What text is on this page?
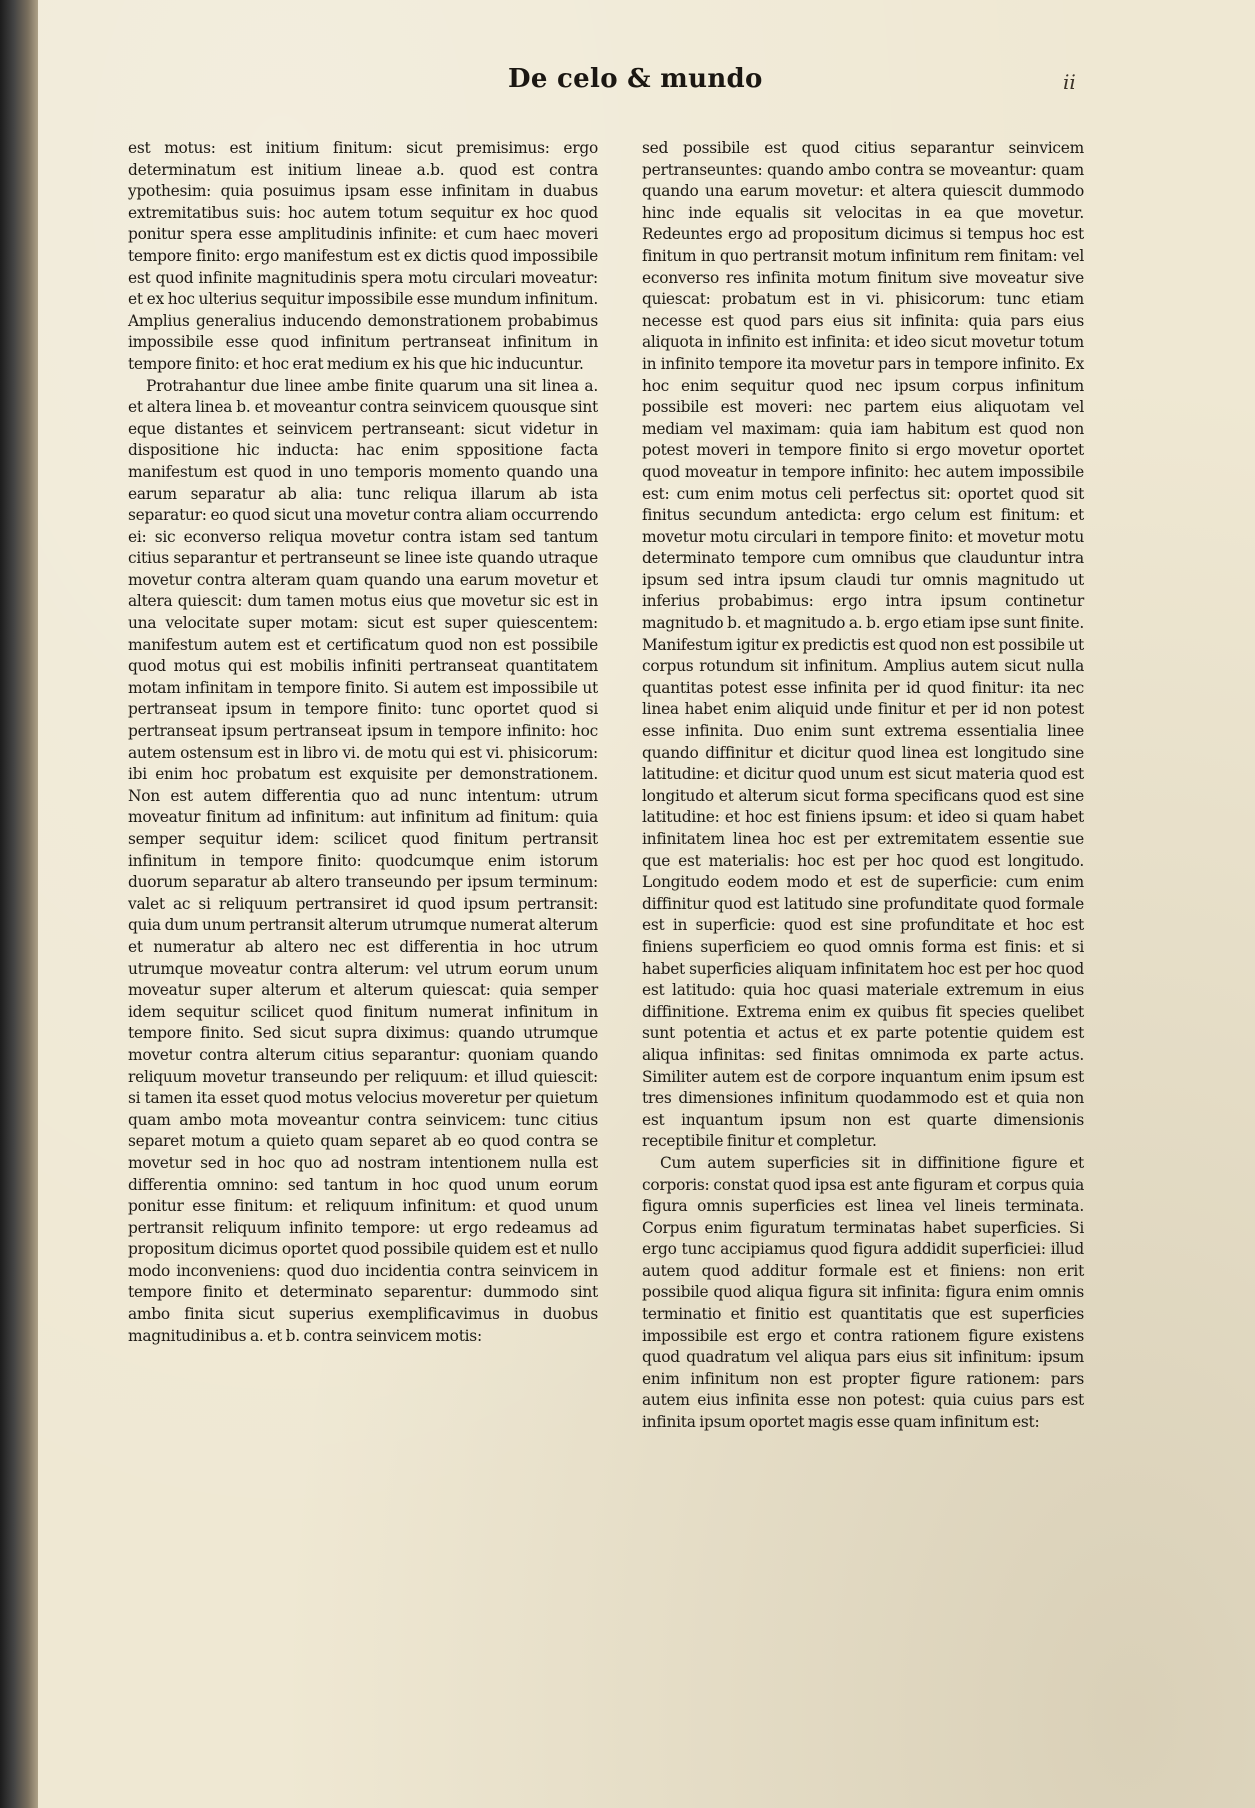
De celo & mundo	ii

est motus: est initium finitum: sicut premisimus: ergo determinatum est initium lineae a.b. quod est contra ypothesim: quia posuimus ipsam esse infinitam in duabus extremitatibus suis: hoc autem totum sequitur ex hoc quod ponitur spera esse amplitudinis infinite: et cum haec moveri tempore finito: ergo manifestum est ex dictis quod impossibile est quod infinite magnitudinis spera motu circulari moveatur: et ex hoc ulterius sequitur impossibile esse mundum infinitum. Amplius generalius inducendo demonstrationem probabimus impossibile esse quod infinitum pertranseat infinitum in tempore finito: et hoc erat medium ex his que hic inducuntur.

Protrahantur due linee ambe finite quarum una sit linea a. et altera linea b. et moveantur contra seinvicem quousque sint eque distantes et seinvicem pertranseant: sicut videtur in dispositione hic inducta: hac enim sppositione facta manifestum est quod in uno temporis momento quando una earum separatur ab alia: tunc reliqua illarum ab ista separatur: eo quod sicut una movetur contra aliam occurrendo ei: sic econverso reliqua movetur contra istam sed tantum citius separantur et pertranseunt se linee iste quando utraque movetur contra alteram quam quando una earum movetur et altera quiescit: dum tamen motus eius que movetur sic est in una velocitate super motam: sicut est super quiescentem: manifestum autem est et certificatum quod non est possibile quod motus qui est mobilis infiniti pertranseat quantitatem motam infinitam in tempore finito. Si autem est impossibile ut pertranseat ipsum in tempore finito: tunc oportet quod si pertranseat ipsum pertranseat ipsum in tempore infinito: hoc autem ostensum est in libro vi. de motu qui est vi. phisicorum: ibi enim hoc probatum est exquisite per demonstrationem. Non est autem differentia quo ad nunc intentum: utrum moveatur finitum ad infinitum: aut infinitum ad finitum: quia semper sequitur idem: scilicet quod finitum pertransit infinitum in tempore finito: quodcumque enim istorum duorum separatur ab altero transeundo per ipsum terminum: valet ac si reliquum pertransiret id quod ipsum pertransit: quia dum unum pertransit alterum utrumque numerat alterum et numeratur ab altero nec est differentia in hoc utrum utrumque moveatur contra alterum: vel utrum eorum unum moveatur super alterum et alterum quiescat: quia semper idem sequitur scilicet quod finitum numerat infinitum in tempore finito. Sed sicut supra diximus: quando utrumque movetur contra alterum citius separantur: quoniam quando reliquum movetur transeundo per reliquum: et illud quiescit: si tamen ita esset quod motus velocius moveretur per quietum quam ambo mota moveantur contra seinvicem: tunc citius separet motum a quieto quam separet ab eo quod contra se movetur sed in hoc quo ad nostram intentionem nulla est differentia omnino: sed tantum in hoc quod unum eorum ponitur esse finitum: et reliquum infinitum: et quod unum pertransit reliquum infinito tempore: ut ergo redeamus ad propositum dicimus oportet quod possibile quidem est et nullo modo inconveniens: quod duo incidentia contra seinvicem in tempore finito et determinato separentur: dummodo sint ambo finita sicut superius exemplificavimus in duobus magnitudinibus a. et b. contra seinvicem motis:

sed possibile est quod citius separantur seinvicem pertranseuntes: quando ambo contra se moveantur: quam quando una earum movetur: et altera quiescit dummodo hinc inde equalis sit velocitas in ea que movetur. Redeuntes ergo ad propositum dicimus si tempus hoc est finitum in quo pertransit motum infinitum rem finitam: vel econverso res infinita motum finitum sive moveatur sive quiescat: probatum est in vi. phisicorum: tunc etiam necesse est quod pars eius sit infinita: quia pars eius aliquota in infinito est infinita: et ideo sicut movetur totum in infinito tempore ita movetur pars in tempore infinito. Ex hoc enim sequitur quod nec ipsum corpus infinitum possibile est moveri: nec partem eius aliquotam vel mediam vel maximam: quia iam habitum est quod non potest moveri in tempore finito si ergo movetur oportet quod moveatur in tempore infinito: hec autem impossibile est: cum enim motus celi perfectus sit: oportet quod sit finitus secundum antedicta: ergo celum est finitum: et movetur motu circulari in tempore finito: et movetur motu determinato tempore cum omnibus que clauduntur intra ipsum sed intra ipsum claudi tur omnis magnitudo ut inferius probabimus: ergo intra ipsum continetur magnitudo b. et magnitudo a. b. ergo etiam ipse sunt finite. Manifestum igitur ex predictis est quod non est possibile ut corpus rotundum sit infinitum. Amplius autem sicut nulla quantitas potest esse infinita per id quod finitur: ita nec linea habet enim aliquid unde finitur et per id non potest esse infinita. Duo enim sunt extrema essentialia linee quando diffinitur et dicitur quod linea est longitudo sine latitudine: et dicitur quod unum est sicut materia quod est longitudo et alterum sicut forma specificans quod est sine latitudine: et hoc est finiens ipsum: et ideo si quam habet infinitatem linea hoc est per extremitatem essentie sue que est materialis: hoc est per hoc quod est longitudo. Longitudo eodem modo et est de superficie: cum enim diffinitur quod est latitudo sine profunditate quod formale est in superficie: quod est sine profunditate et hoc est finiens superficiem eo quod omnis forma est finis: et si habet superficies aliquam infinitatem hoc est per hoc quod est latitudo: quia hoc quasi materiale extremum in eius diffinitione. Extrema enim ex quibus fit species quelibet sunt potentia et actus et ex parte potentie quidem est aliqua infinitas: sed finitas omnimoda ex parte actus. Similiter autem est de corpore inquantum enim ipsum est tres dimensiones infinitum quodammodo est et quia non est inquantum ipsum non est quarte dimensionis receptibile finitur et completur.

Cum autem superficies sit in diffinitione figure et corporis: constat quod ipsa est ante figuram et corpus quia figura omnis superficies est linea vel lineis terminata. Corpus enim figuratum terminatas habet superficies. Si ergo tunc accipiamus quod figura addidit superficiei: illud autem quod additur formale est et finiens: non erit possibile quod aliqua figura sit infinita: figura enim omnis terminatio et finitio est quantitatis que est superficies impossibile est ergo et contra rationem figure existens quod quadratum vel aliqua pars eius sit infinitum: ipsum enim infinitum non est propter figure rationem: pars autem eius infinita esse non potest: quia cuius pars est infinita ipsum oportet magis esse quam infinitum est:
